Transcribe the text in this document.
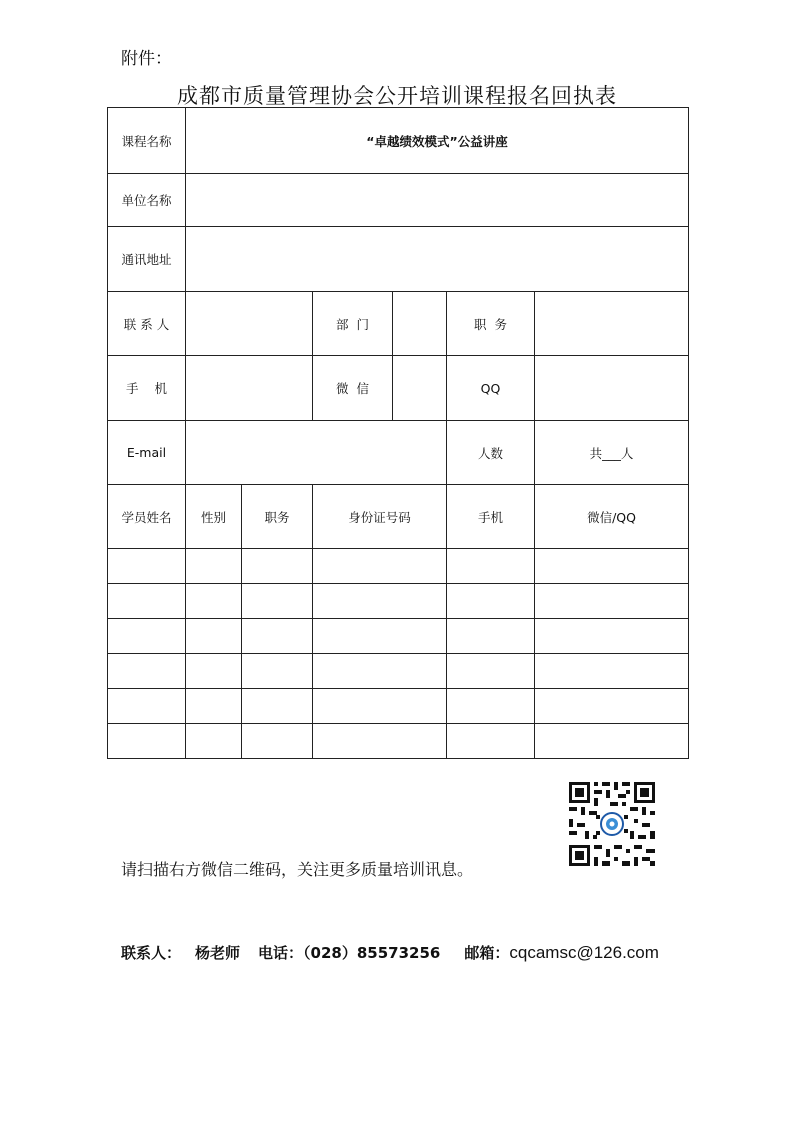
附件：
成都市质量管理协会公开培训课程报名回执表
课程名称	“卓越绩效模式”公益讲座					
单位名称						
通讯地址						
联 系 人			部  门		职  务	
手    机			微  信		QQ	
E-mail					人数	共___人
学员姓名	性别	职务	身份证号码		手机	微信/QQ

请扫描右方微信二维码，关注更多质量培训讯息。
联系人： 杨老师 电话：（028）85573256 邮箱：cqcamsc@126.com
